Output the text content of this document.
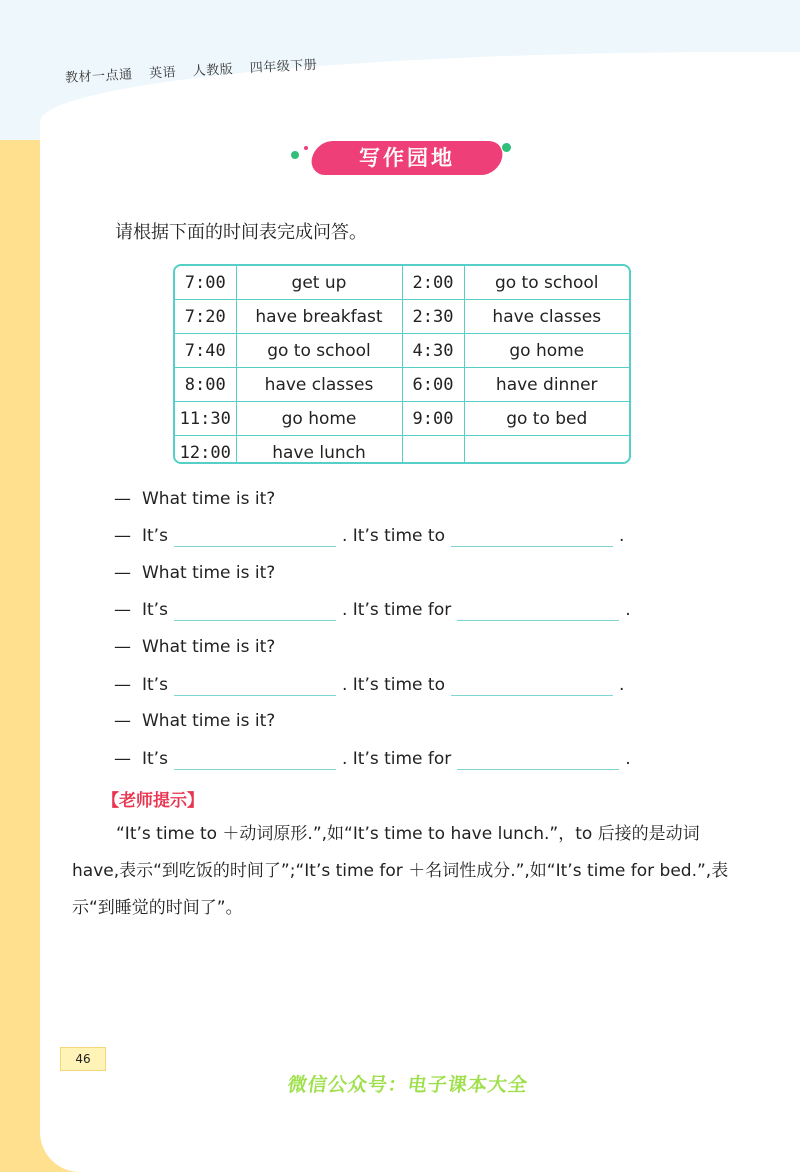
教材一点通 英语 人教版 四年级下册
写作园地
请根据下面的时间表完成问答。
7:00	get up	2:00	go to school
7:20	have breakfast	2:30	have classes
7:40	go to school	4:30	go home
8:00	have classes	6:00	have dinner
11:30	go home	9:00	go to bed
12:00	have lunch		
— What time is it?
— It’s	. It’s time to	.
— What time is it?
— It’s	. It’s time for	.
— What time is it?
— It’s	. It’s time to	.
— What time is it?
— It’s	. It’s time for	.
【老师提示】
“It’s time to ＋动词原形.”,如“It’s time to have lunch.”，to 后接的是动词 have,表示“到吃饭的时间了”;“It’s time for ＋名词性成分.”,如“It’s time for bed.”,表示“到睡觉的时间了”。
46
微信公众号：电子课本大全
